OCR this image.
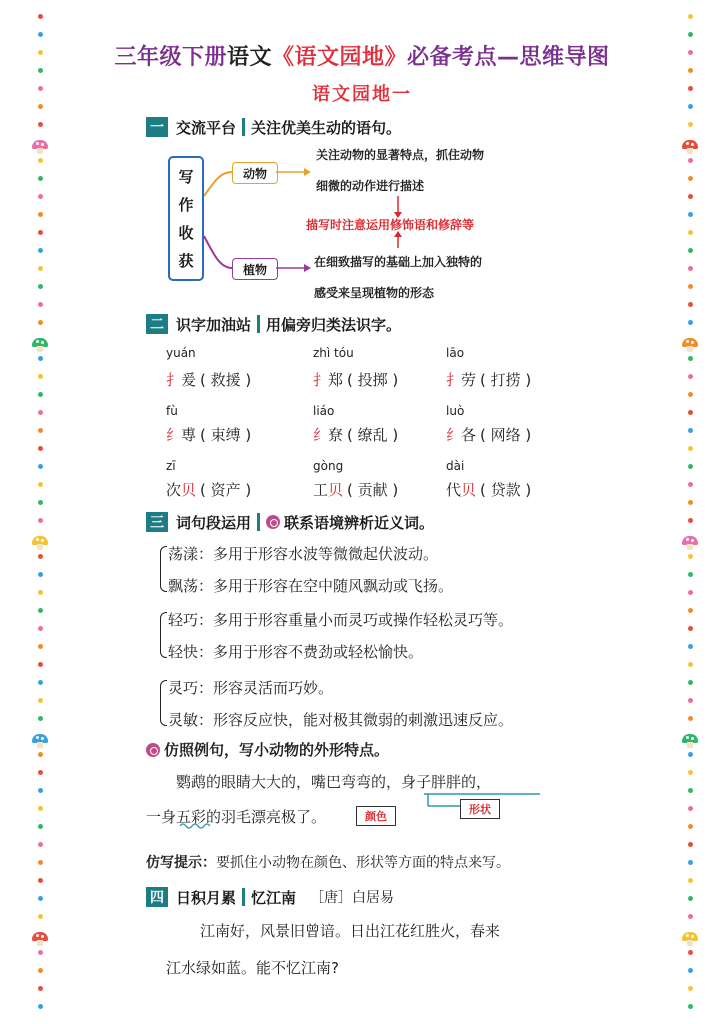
三年级下册语文《语文园地》必备考点—思维导图
语文园地一
一 交流平台 关注优美生动的语句。
写
作
收
获
动物
植物
关注动物的显著特点，抓住动物
细微的动作进行描述
描写时注意运用修饰语和修辞等
在细致描写的基础上加入独特的
感受来呈现植物的形态
二 识字加油站 用偏旁归类法识字。
yuán
扌爰 ( 救援 )
zhì tóu
扌郑 ( 投掷 )
lāo
扌劳 ( 打捞 )
fù
纟尃 ( 束缚 )
liáo
纟尞 ( 缭乱 )
luò
纟各 ( 网络 )
zī
次贝 ( 资产 )
gòng
工贝 ( 贡献 )
dài
代贝 ( 贷款 )
三 词句段运用 联系语境辨析近义词。
荡漾：多用于形容水波等微微起伏波动。
飘荡：多用于形容在空中随风飘动或飞扬。
轻巧：多用于形容重量小而灵巧或操作轻松灵巧等。
轻快：多用于形容不费劲或轻松愉快。
灵巧：形容灵活而巧妙。
灵敏：形容反应快，能对极其微弱的刺激迅速反应。
仿照例句，写小动物的外形特点。
鹦鹉的眼睛大大的，嘴巴弯弯的，身子胖胖的，
一身五彩的羽毛漂亮极了。	颜色
形状
仿写提示：要抓住小动物在颜色、形状等方面的特点来写。
四 日积月累 忆江南 ［唐］白居易
江南好，风景旧曾谙。日出江花红胜火，春来
江水绿如蓝。能不忆江南?
